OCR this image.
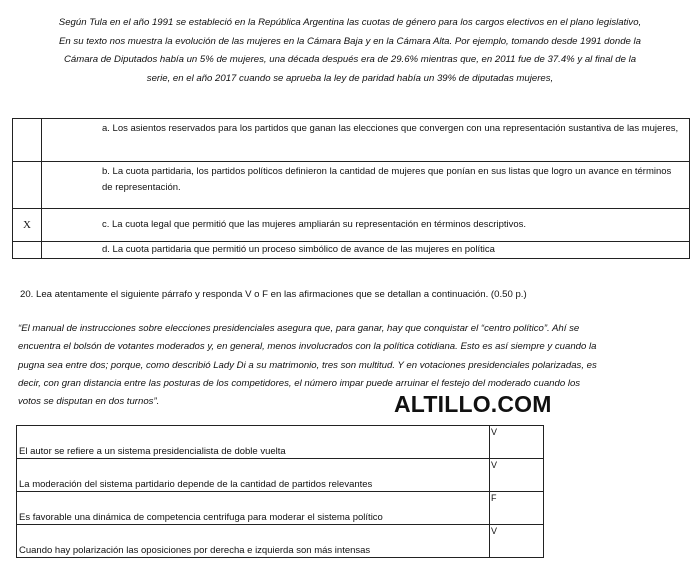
Según Tula en el año 1991 se estableció en la República Argentina las cuotas de género para los cargos electivos en el plano legislativo,
En su texto nos muestra la evolución de las mujeres en la Cámara Baja y en la Cámara Alta. Por ejemplo, tomando desde 1991 donde la
Cámara de Diputados había un 5% de mujeres, una década después era de 29.6% mientras que, en 2011 fue de 37.4% y al final de la
serie, en el año 2017 cuando se aprueba la ley de paridad había un 39% de diputadas mujeres,
	a. Los asientos reservados para los partidos que ganan las elecciones que convergen con una representación sustantiva de las mujeres,
	b. La cuota partidaria, los partidos políticos definieron la cantidad de mujeres que ponían en sus listas que logro un avance en términos de representación.
X	c. La cuota legal que permitió que las mujeres ampliarán su representación en términos descriptivos.
	d. La cuota partidaria que permitió un proceso simbólico de avance de las mujeres en política
20. Lea atentamente el siguiente párrafo y responda V o F en las afirmaciones que se detallan a continuación. (0.50 p.)
“El manual de instrucciones sobre elecciones presidenciales asegura que, para ganar, hay que conquistar el “centro político”. Ahí se
encuentra el bolsón de votantes moderados y, en general, menos involucrados con la política cotidiana. Esto es así siempre y cuando la
pugna sea entre dos; porque, como describió Lady Di a su matrimonio, tres son multitud. Y en votaciones presidenciales polarizadas, es
decir, con gran distancia entre las posturas de los competidores, el número impar puede arruinar el festejo del moderado cuando los
votos se disputan en dos turnos”.	ALTILLO.COM
El autor se refiere a un sistema presidencialista de doble vuelta	V
La moderación del sistema partidario depende de la cantidad de partidos relevantes	V
Es favorable una dinámica de competencia centrifuga para moderar el sistema político	F
Cuando hay polarización las oposiciones por derecha e izquierda son más intensas	V
